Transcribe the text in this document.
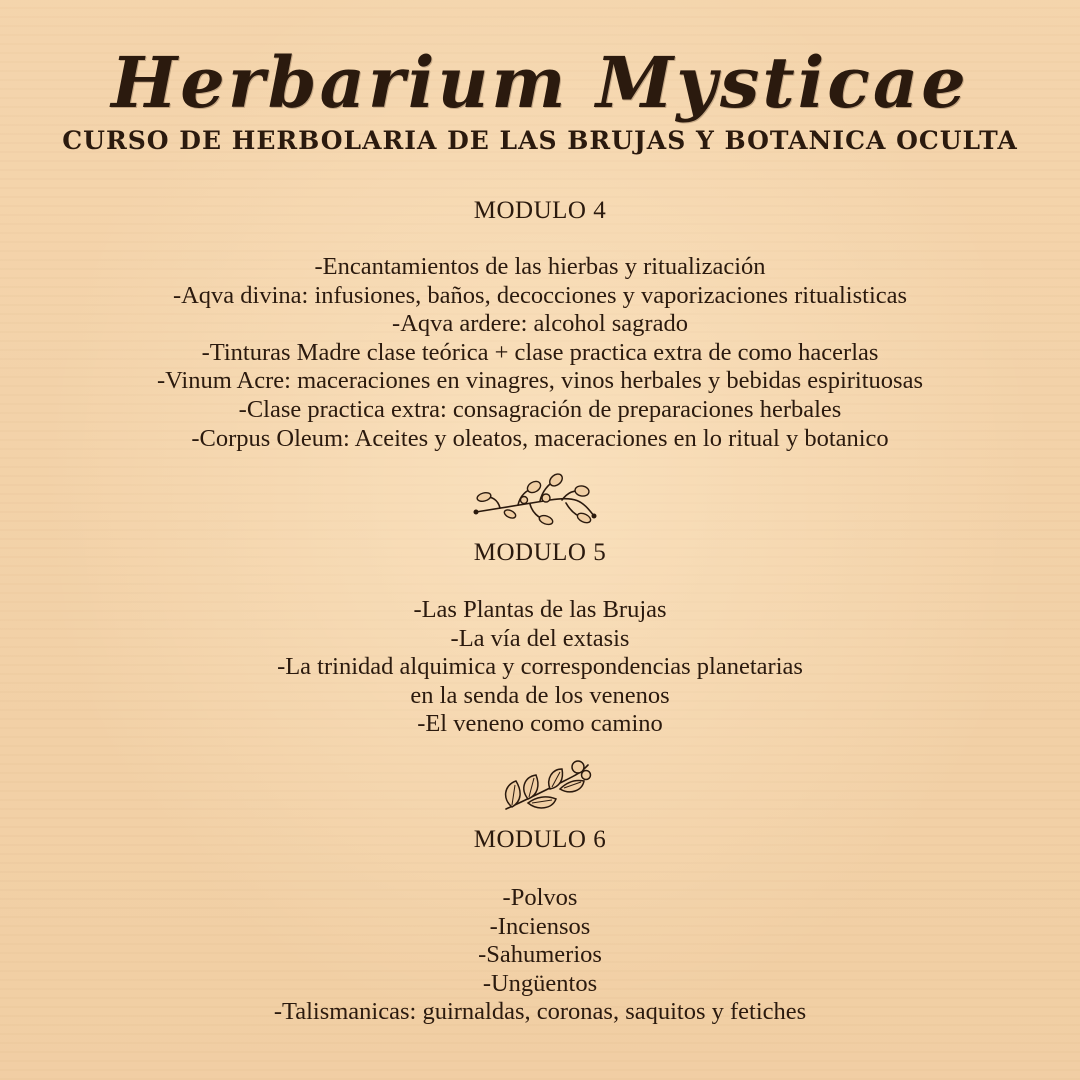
Herbarium Mysticae
CURSO DE HERBOLARIA DE LAS BRUJAS Y BOTANICA OCULTA
MODULO 4
-Encantamientos de las hierbas y ritualización
-Aqva divina: infusiones, baños, decocciones y vaporizaciones ritualisticas
-Aqva ardere: alcohol sagrado
-Tinturas Madre clase teórica + clase practica extra de como hacerlas
-Vinum Acre: maceraciones en vinagres, vinos herbales y bebidas espirituosas
-Clase practica extra: consagración de preparaciones herbales
-Corpus Oleum: Aceites y oleatos, maceraciones en lo ritual y botanico
MODULO 5
-Las Plantas de las Brujas
-La vía del extasis
-La trinidad alquimica y correspondencias planetarias
en la senda de los venenos
-El veneno como camino
MODULO 6
-Polvos
-Inciensos
-Sahumerios
-Ungüentos
-Talismanicas: guirnaldas, coronas, saquitos y fetiches
